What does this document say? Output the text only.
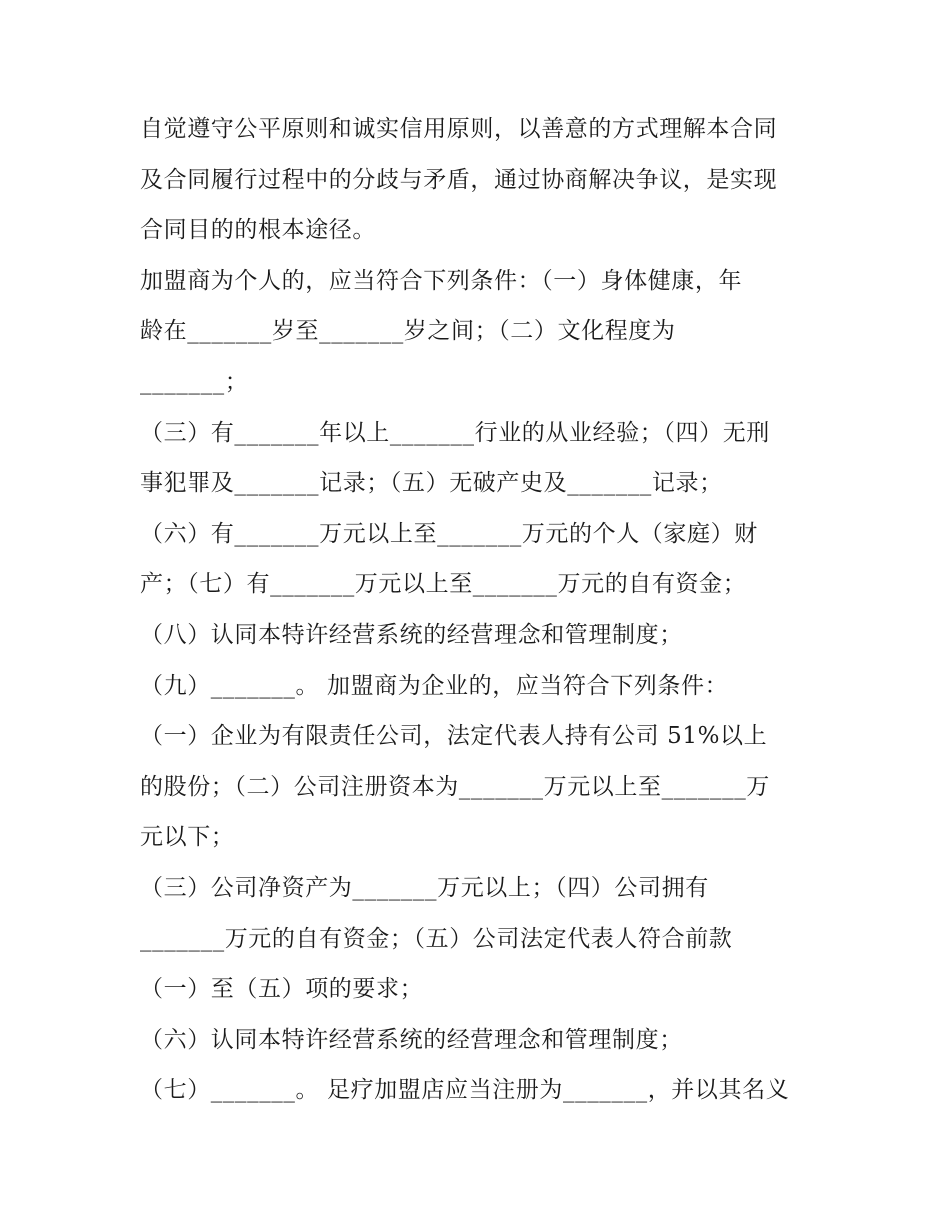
自觉遵守公平原则和诚实信用原则，以善意的方式理解本合同
及合同履行过程中的分歧与矛盾，通过协商解决争议，是实现
合同目的的根本途径。
加盟商为个人的，应当符合下列条件：（一）身体健康，年
龄在_______岁至_______岁之间；（二）文化程度为
_______；
（三）有_______年以上_______行业的从业经验；（四）无刑
事犯罪及_______记录；（五）无破产史及_______记录；
（六）有_______万元以上至_______万元的个人（家庭）财
产；（七）有_______万元以上至_______万元的自有资金；
（八）认同本特许经营系统的经营理念和管理制度；
（九）_______。 加盟商为企业的，应当符合下列条件：
（一）企业为有限责任公司，法定代表人持有公司 51%以上
的股份；（二）公司注册资本为_______万元以上至_______万
元以下；
（三）公司净资产为_______万元以上；（四）公司拥有
_______万元的自有资金；（五）公司法定代表人符合前款
（一）至（五）项的要求；
（六）认同本特许经营系统的经营理念和管理制度；
（七）_______。 足疗加盟店应当注册为_______，并以其名义
